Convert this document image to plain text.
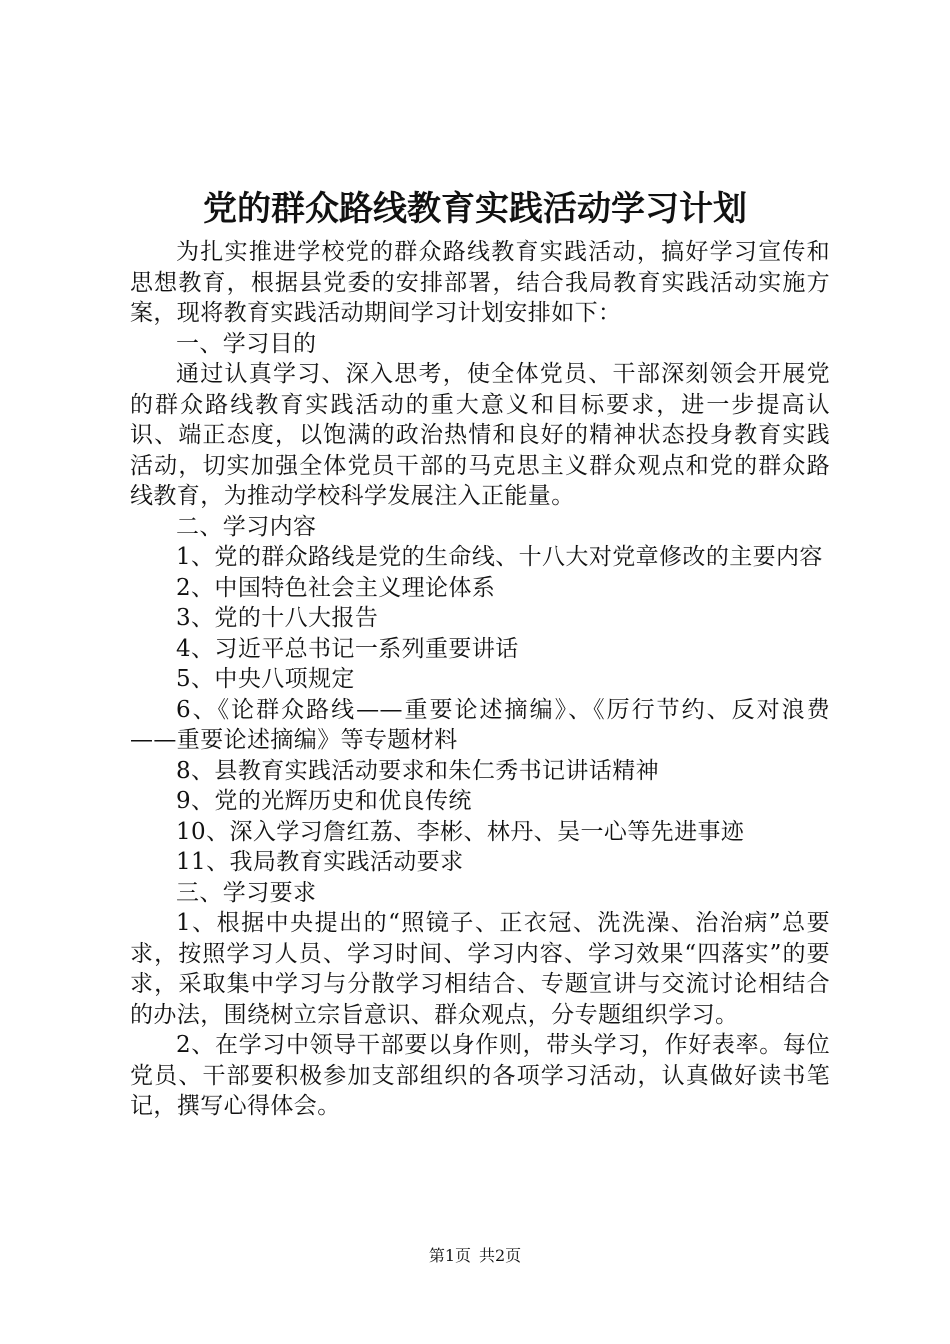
党的群众路线教育实践活动学习计划

为扎实推进学校党的群众路线教育实践活动，搞好学习宣传和思想教育，根据县党委的安排部署，结合我局教育实践活动实施方案，现将教育实践活动期间学习计划安排如下：

一、学习目的

通过认真学习、深入思考，使全体党员、干部深刻领会开展党的群众路线教育实践活动的重大意义和目标要求，进一步提高认识、端正态度，以饱满的政治热情和良好的精神状态投身教育实践活动，切实加强全体党员干部的马克思主义群众观点和党的群众路线教育，为推动学校科学发展注入正能量。

二、学习内容

1、党的群众路线是党的生命线、十八大对党章修改的主要内容

2、中国特色社会主义理论体系

3、党的十八大报告

4、习近平总书记一系列重要讲话

5、中央八项规定

6、《论群众路线——重要论述摘编》、《厉行节约、反对浪费——重要论述摘编》等专题材料

8、县教育实践活动要求和朱仁秀书记讲话精神

9、党的光辉历史和优良传统

10、深入学习詹红荔、李彬、林丹、吴一心等先进事迹

11、我局教育实践活动要求

三、学习要求

1、根据中央提出的“照镜子、正衣冠、洗洗澡、治治病”总要求，按照学习人员、学习时间、学习内容、学习效果“四落实”的要求，采取集中学习与分散学习相结合、专题宣讲与交流讨论相结合的办法，围绕树立宗旨意识、群众观点，分专题组织学习。

2、在学习中领导干部要以身作则，带头学习，作好表率。每位党员、干部要积极参加支部组织的各项学习活动，认真做好读书笔记，撰写心得体会。

第1页 共2页
